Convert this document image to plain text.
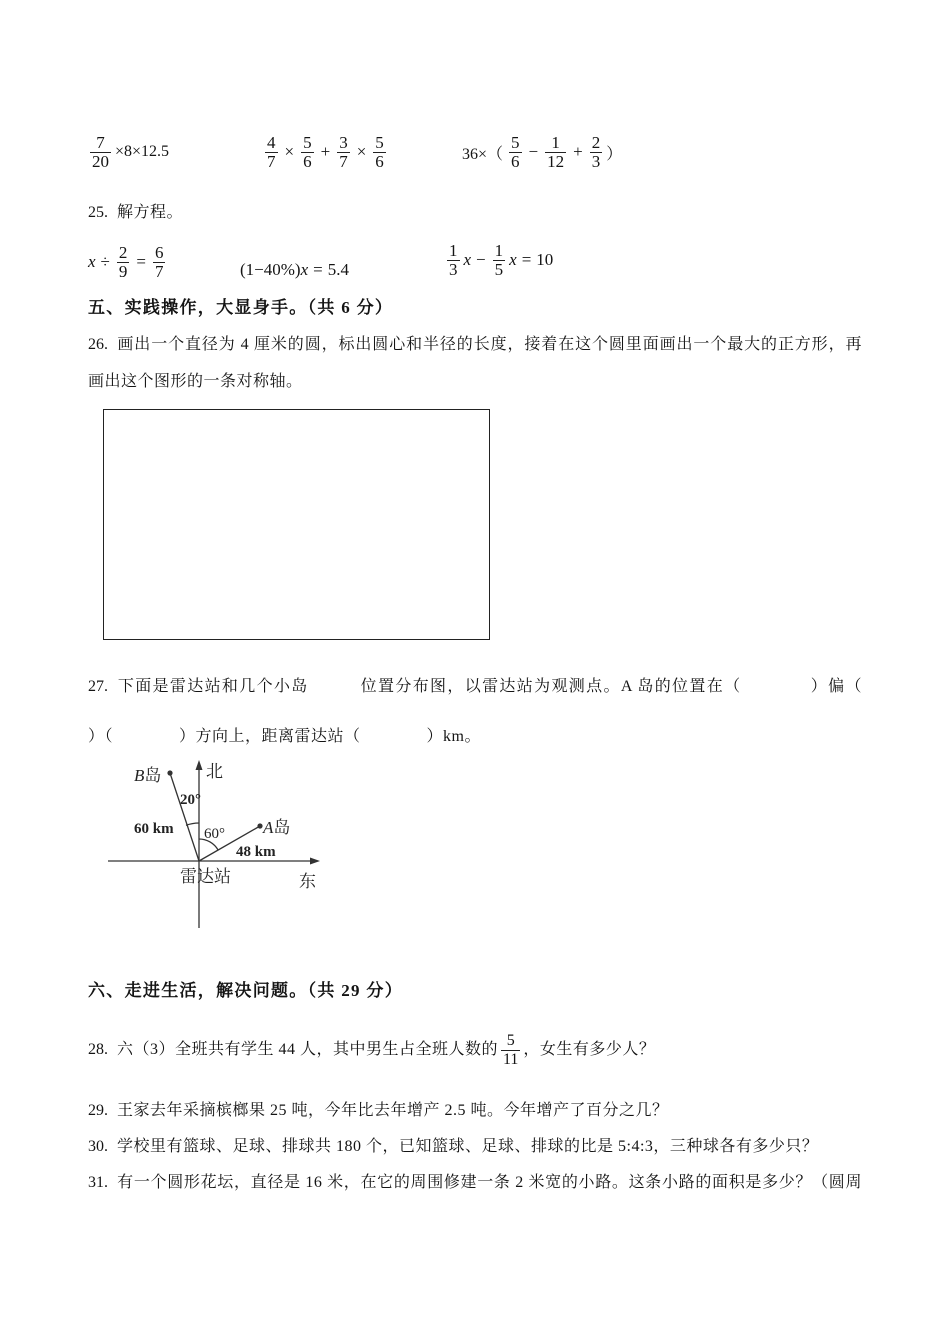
$\frac{7}{20} \times 8\times 12.5$	$\frac{4}{7} \times \frac{5}{6} + \frac{3}{7} \times \frac{5}{6}$	$36\times( \frac{5}{6} - \frac{1}{12} + \frac{2}{3}$ ）
25. 解方程。
$x \div \frac{2}{9} = \frac{6}{7}$	(1−40%) x = 5.4	$\frac{1}{3}$ $x - \frac{1}{5}$ x = 10
五、实践操作，大显身手。（共 6 分）
26. 画出一个直径为 4 厘米的圆，标出圆心和半径的长度，接着在这个圆里面画出一个最大的正方形，再
画出这个图形的一条对称轴。
27. 下面是雷达站和几个小岛　　　位置分布图，以雷达站为观测点。A 岛的位置在（　　　　）偏（
）（　　　　）方向上，距离雷达站（　　　　）km。
北
B岛
20°
60 km 60° A岛
48 km
雷达站	东
六、走进生活，解决问题。（共 29 分）
28. 六（3）全班共有学生 44 人，其中男生占全班人数的 $\frac{5}{11}$ ，女生有多少人？
29. 王家去年采摘槟榔果 25 吨，今年比去年增产 2.5 吨。今年增产了百分之几？
30. 学校里有篮球、足球、排球共 180 个，已知篮球、足球、排球的比是 5:4:3，三种球各有多少只？
31. 有一个圆形花坛，直径是 16 米，在它的周围修建一条 2 米宽的小路。这条小路的面积是多少？（圆周
